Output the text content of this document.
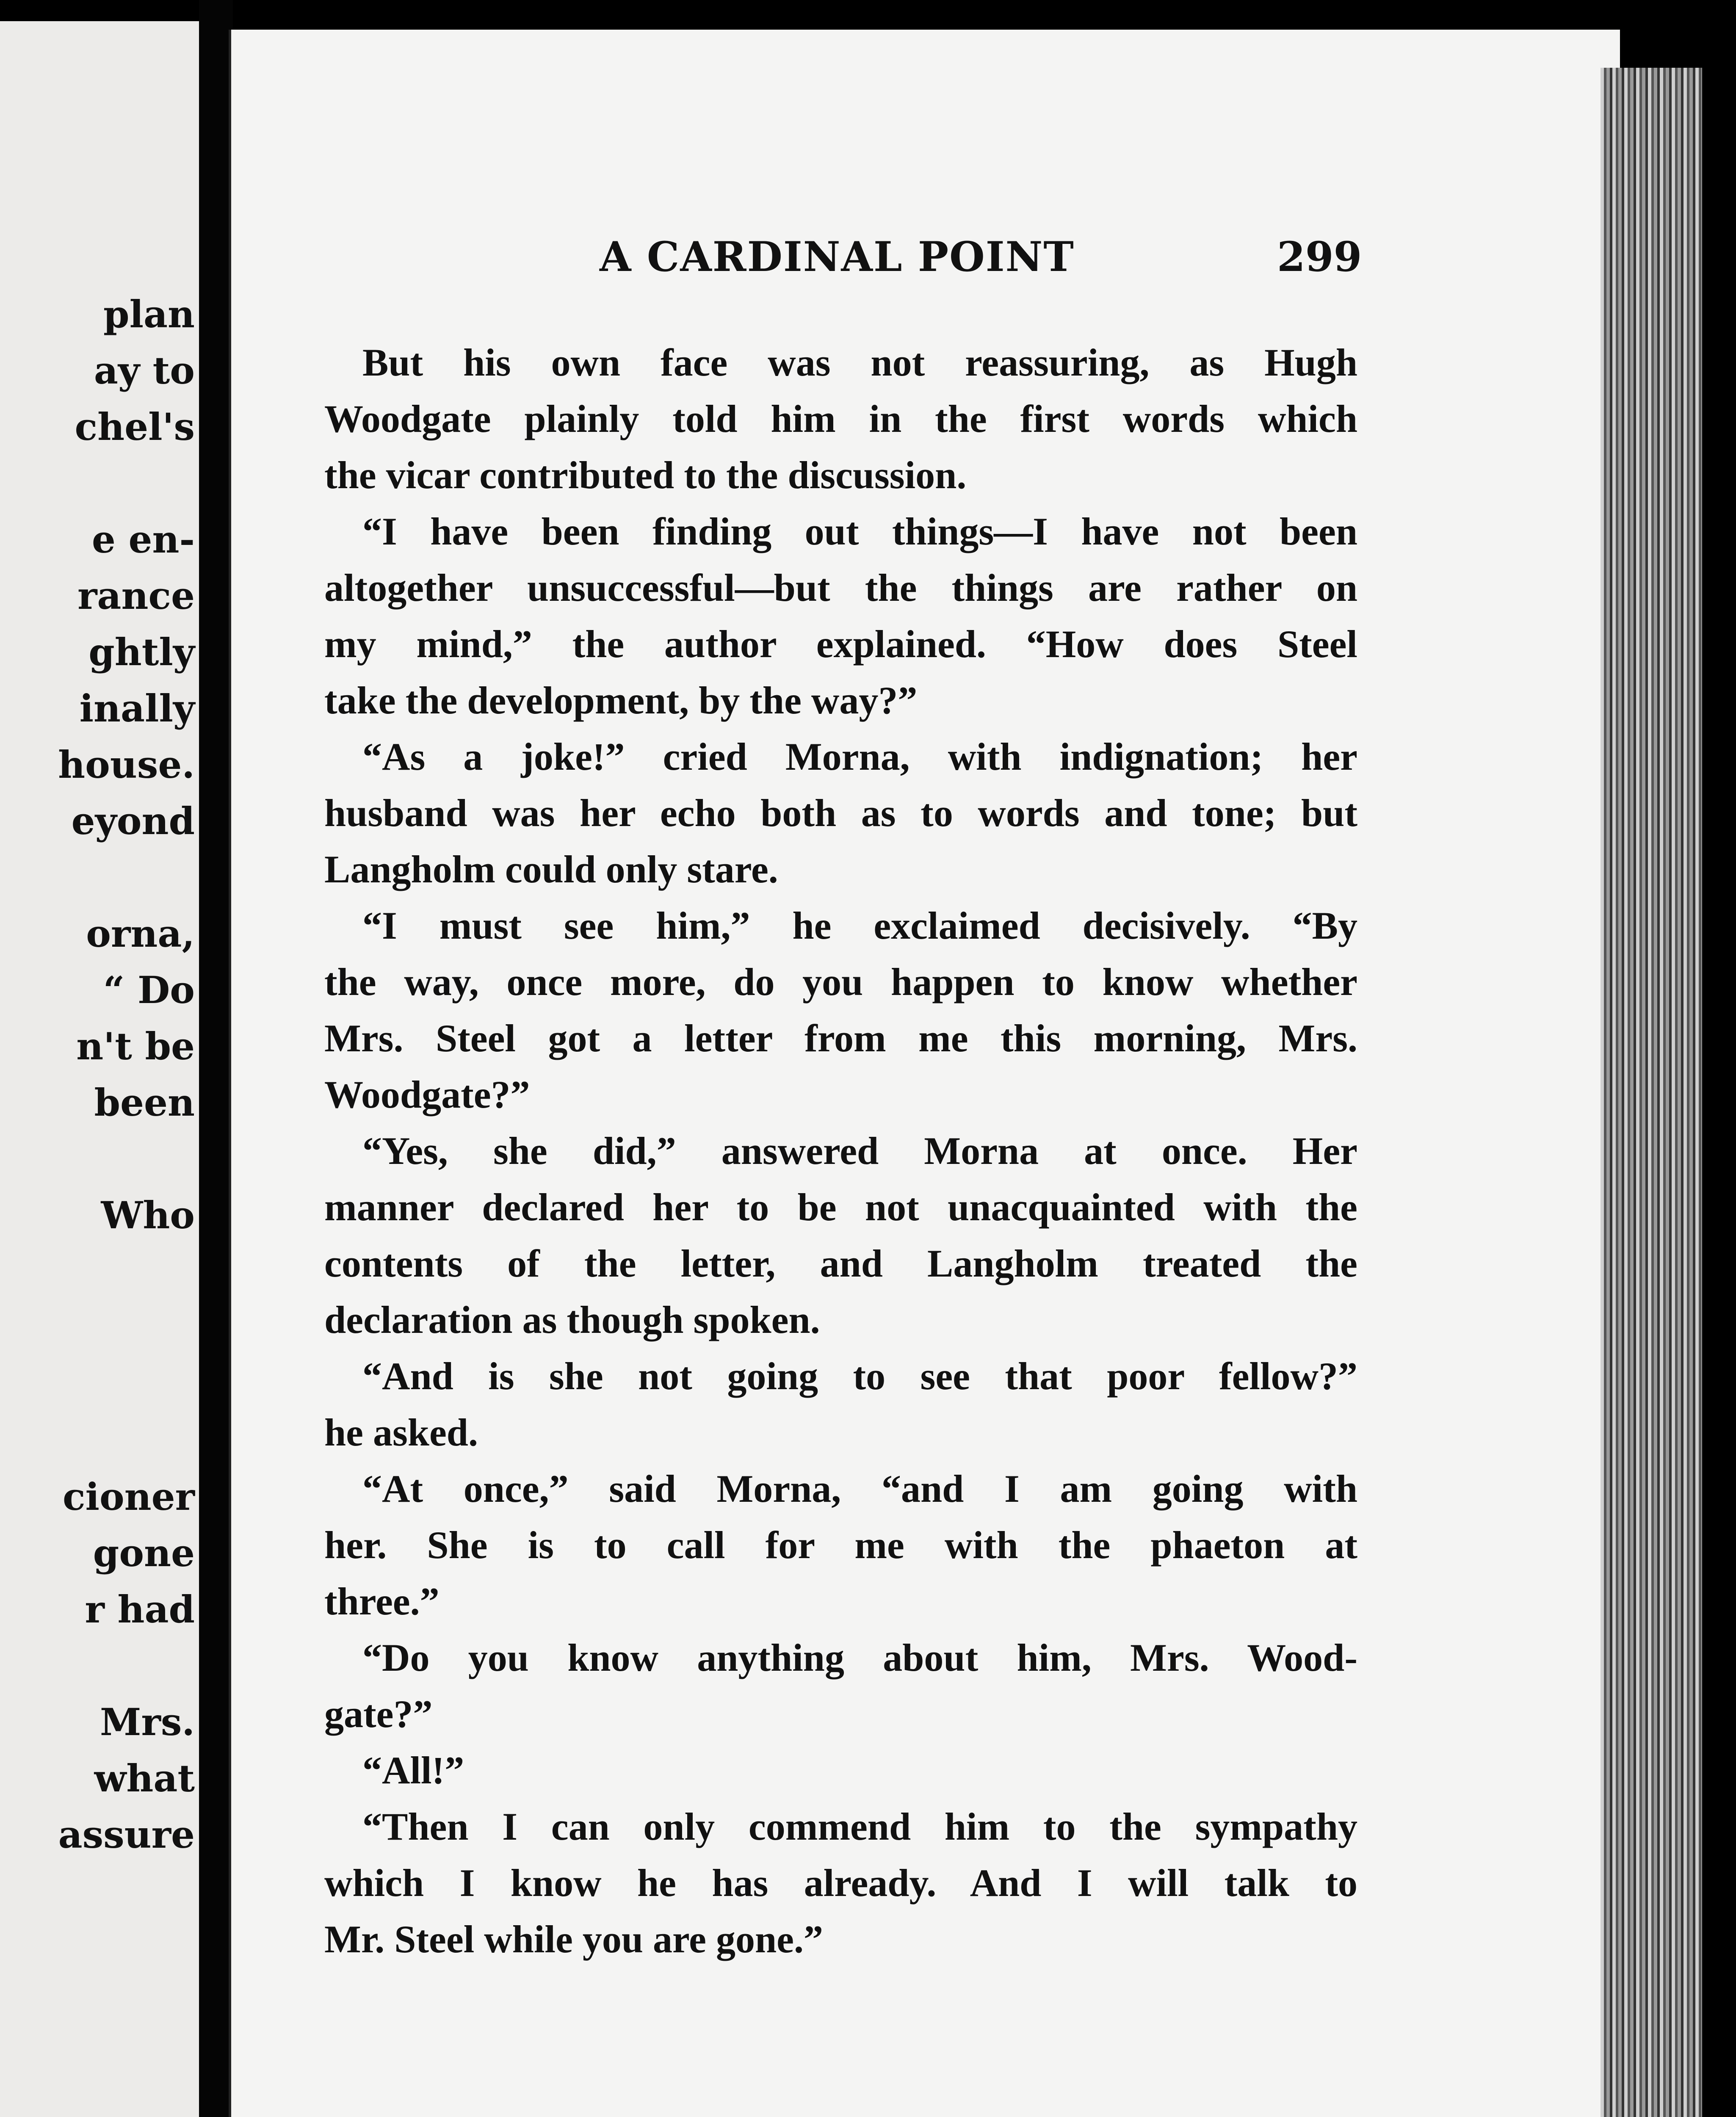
plan
ay to
chel's
e en-
rance
ghtly
inally
house.
eyond
orna,
“ Do
n't be
been
Who
cioner
gone
r had
Mrs.
what
assure
A CARDINAL POINT	299
But his own face was not reassuring, as Hugh
Woodgate plainly told him in the first words which
the vicar contributed to the discussion.
“I have been finding out things—I have not been
altogether unsuccessful—but the things are rather on
my mind,” the author explained. “How does Steel
take the development, by the way?”
“As a joke!” cried Morna, with indignation; her
husband was her echo both as to words and tone; but
Langholm could only stare.
“I must see him,” he exclaimed decisively. “By
the way, once more, do you happen to know whether
Mrs. Steel got a letter from me this morning, Mrs.
Woodgate?”
“Yes, she did,” answered Morna at once. Her
manner declared her to be not unacquainted with the
contents of the letter, and Langholm treated the
declaration as though spoken.
“And is she not going to see that poor fellow?”
he asked.
“At once,” said Morna, “and I am going with
her. She is to call for me with the phaeton at
three.”
“Do you know anything about him, Mrs. Wood-
gate?”
“All!”
“Then I can only commend him to the sympathy
which I know he has already. And I will talk to
Mr. Steel while you are gone.”
